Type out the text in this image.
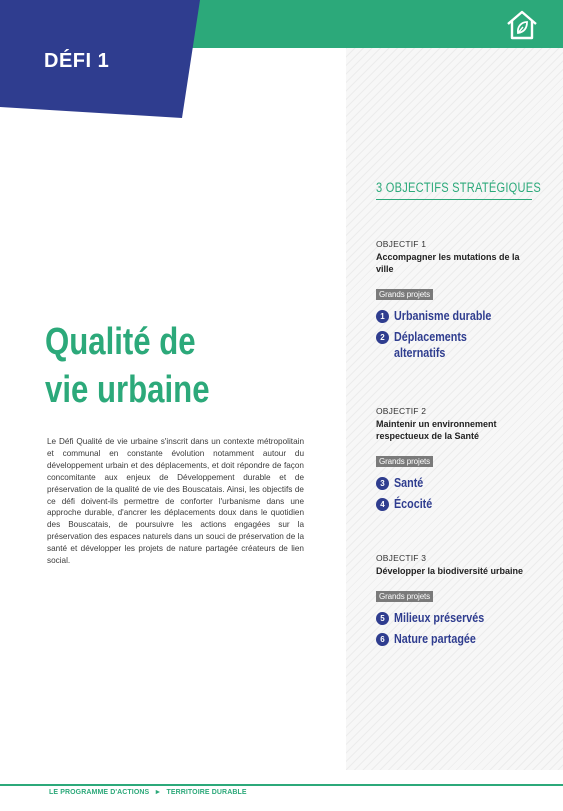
DÉFI 1
Qualité de
vie urbaine

Le Défi Qualité de vie urbaine s'inscrit dans un contexte métropolitain et communal en constante évolution notamment autour du développement urbain et des déplacements, et doit répondre de façon concomitante aux enjeux de Développement durable et de préservation de la qualité de vie des Bouscatais. Ainsi, les objectifs de ce défi doivent-ils permettre de conforter l'urbanisme dans une approche durable, d'ancrer les déplacements doux dans le quotidien des Bouscatais, de poursuivre les actions engagées sur la préservation des espaces naturels dans un souci de préservation de la santé et développer les projets de nature partagée créateurs de lien social.

3 OBJECTIFS STRATÉGIQUES
OBJECTIF 1
Accompagner les mutations de la ville
Grands projets
1 Urbanisme durable
2 Déplacements
alternatifs
OBJECTIF 2
Maintenir un environnement respectueux de la Santé
Grands projets
3 Santé
4 Écocité
OBJECTIF 3
Développer la biodiversité urbaine
Grands projets
5 Milieux préservés
6 Nature partagée
LE PROGRAMME D'ACTIONS ► TERRITOIRE DURABLE
